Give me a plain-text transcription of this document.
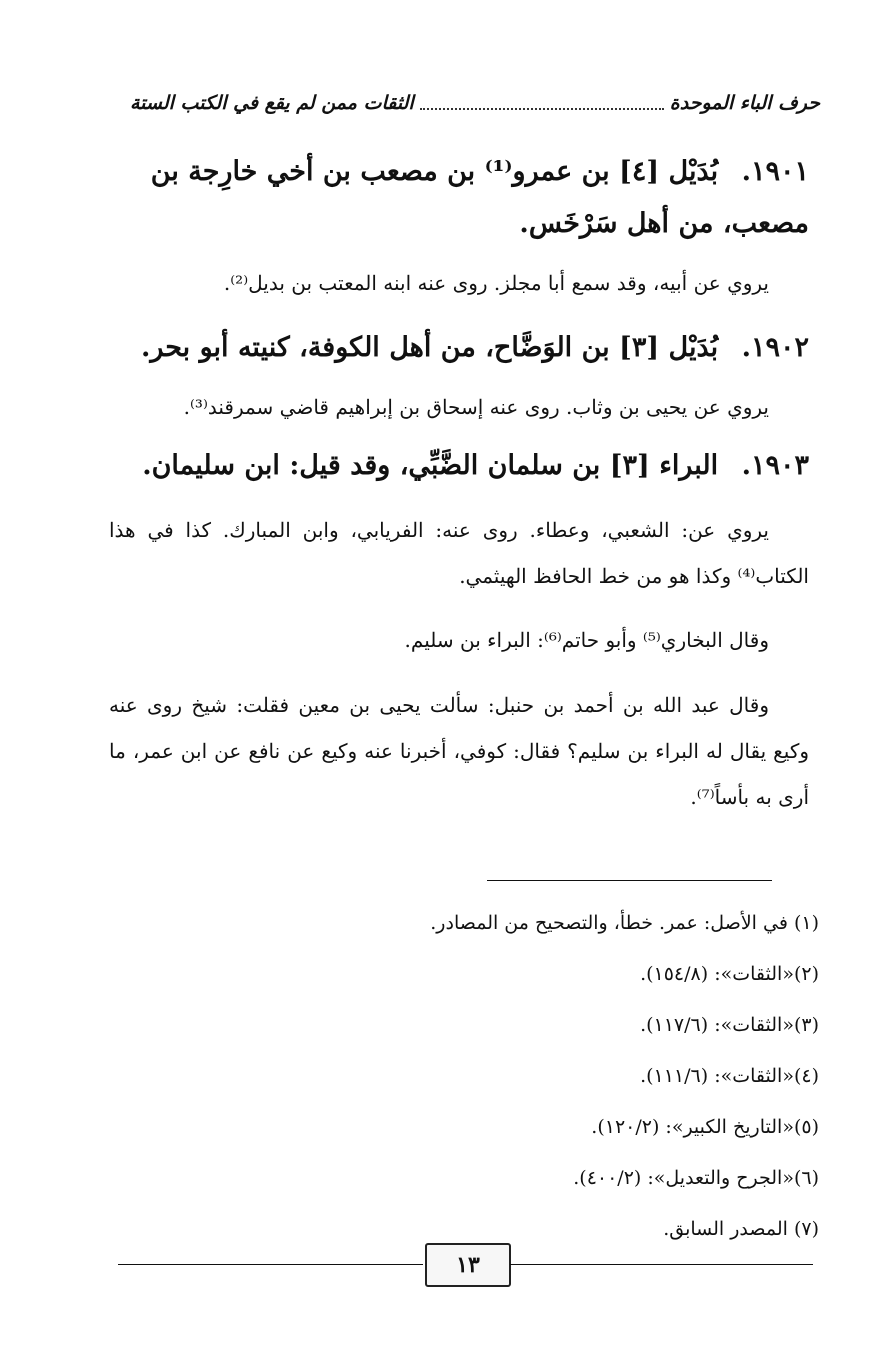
حرف الباء الموحدة
الثقات ممن لم يقع في الكتب الستة
١٩٠١. بُدَيْل [٤] بن عمرو⁽¹⁾ بن مصعب بن أخي خارِجة بن مصعب، من أهل سَرْخَس.
يروي عن أبيه، وقد سمع أبا مجلز. روى عنه ابنه المعتب بن بديل⁽²⁾.
١٩٠٢. بُدَيْل [٣] بن الوَضَّاح، من أهل الكوفة، كنيته أبو بحر.
يروي عن يحيى بن وثاب. روى عنه إسحاق بن إبراهيم قاضي سمرقند⁽³⁾.
١٩٠٣. البراء [٣] بن سلمان الضَّبِّي، وقد قيل: ابن سليمان.
يروي عن: الشعبي، وعطاء. روى عنه: الفريابي، وابن المبارك. كذا في هذا الكتاب⁽⁴⁾ وكذا هو من خط الحافظ الهيثمي.
وقال البخاري⁽⁵⁾ وأبو حاتم⁽⁶⁾: البراء بن سليم.
وقال عبد الله بن أحمد بن حنبل: سألت يحيى بن معين فقلت: شيخ روى عنه وكيع يقال له البراء بن سليم؟ فقال: كوفي، أخبرنا عنه وكيع عن نافع عن ابن عمر، ما أرى به بأساً⁽⁷⁾.
(١) في الأصل: عمر. خطأ، والتصحيح من المصادر.
(٢)«الثقات»: (١٥٤/٨).
(٣)«الثقات»: (١١٧/٦).
(٤)«الثقات»: (١١١/٦).
(٥)«التاريخ الكبير»: (١٢٠/٢).
(٦)«الجرح والتعديل»: (٤٠٠/٢).
(٧) المصدر السابق.
١٣
